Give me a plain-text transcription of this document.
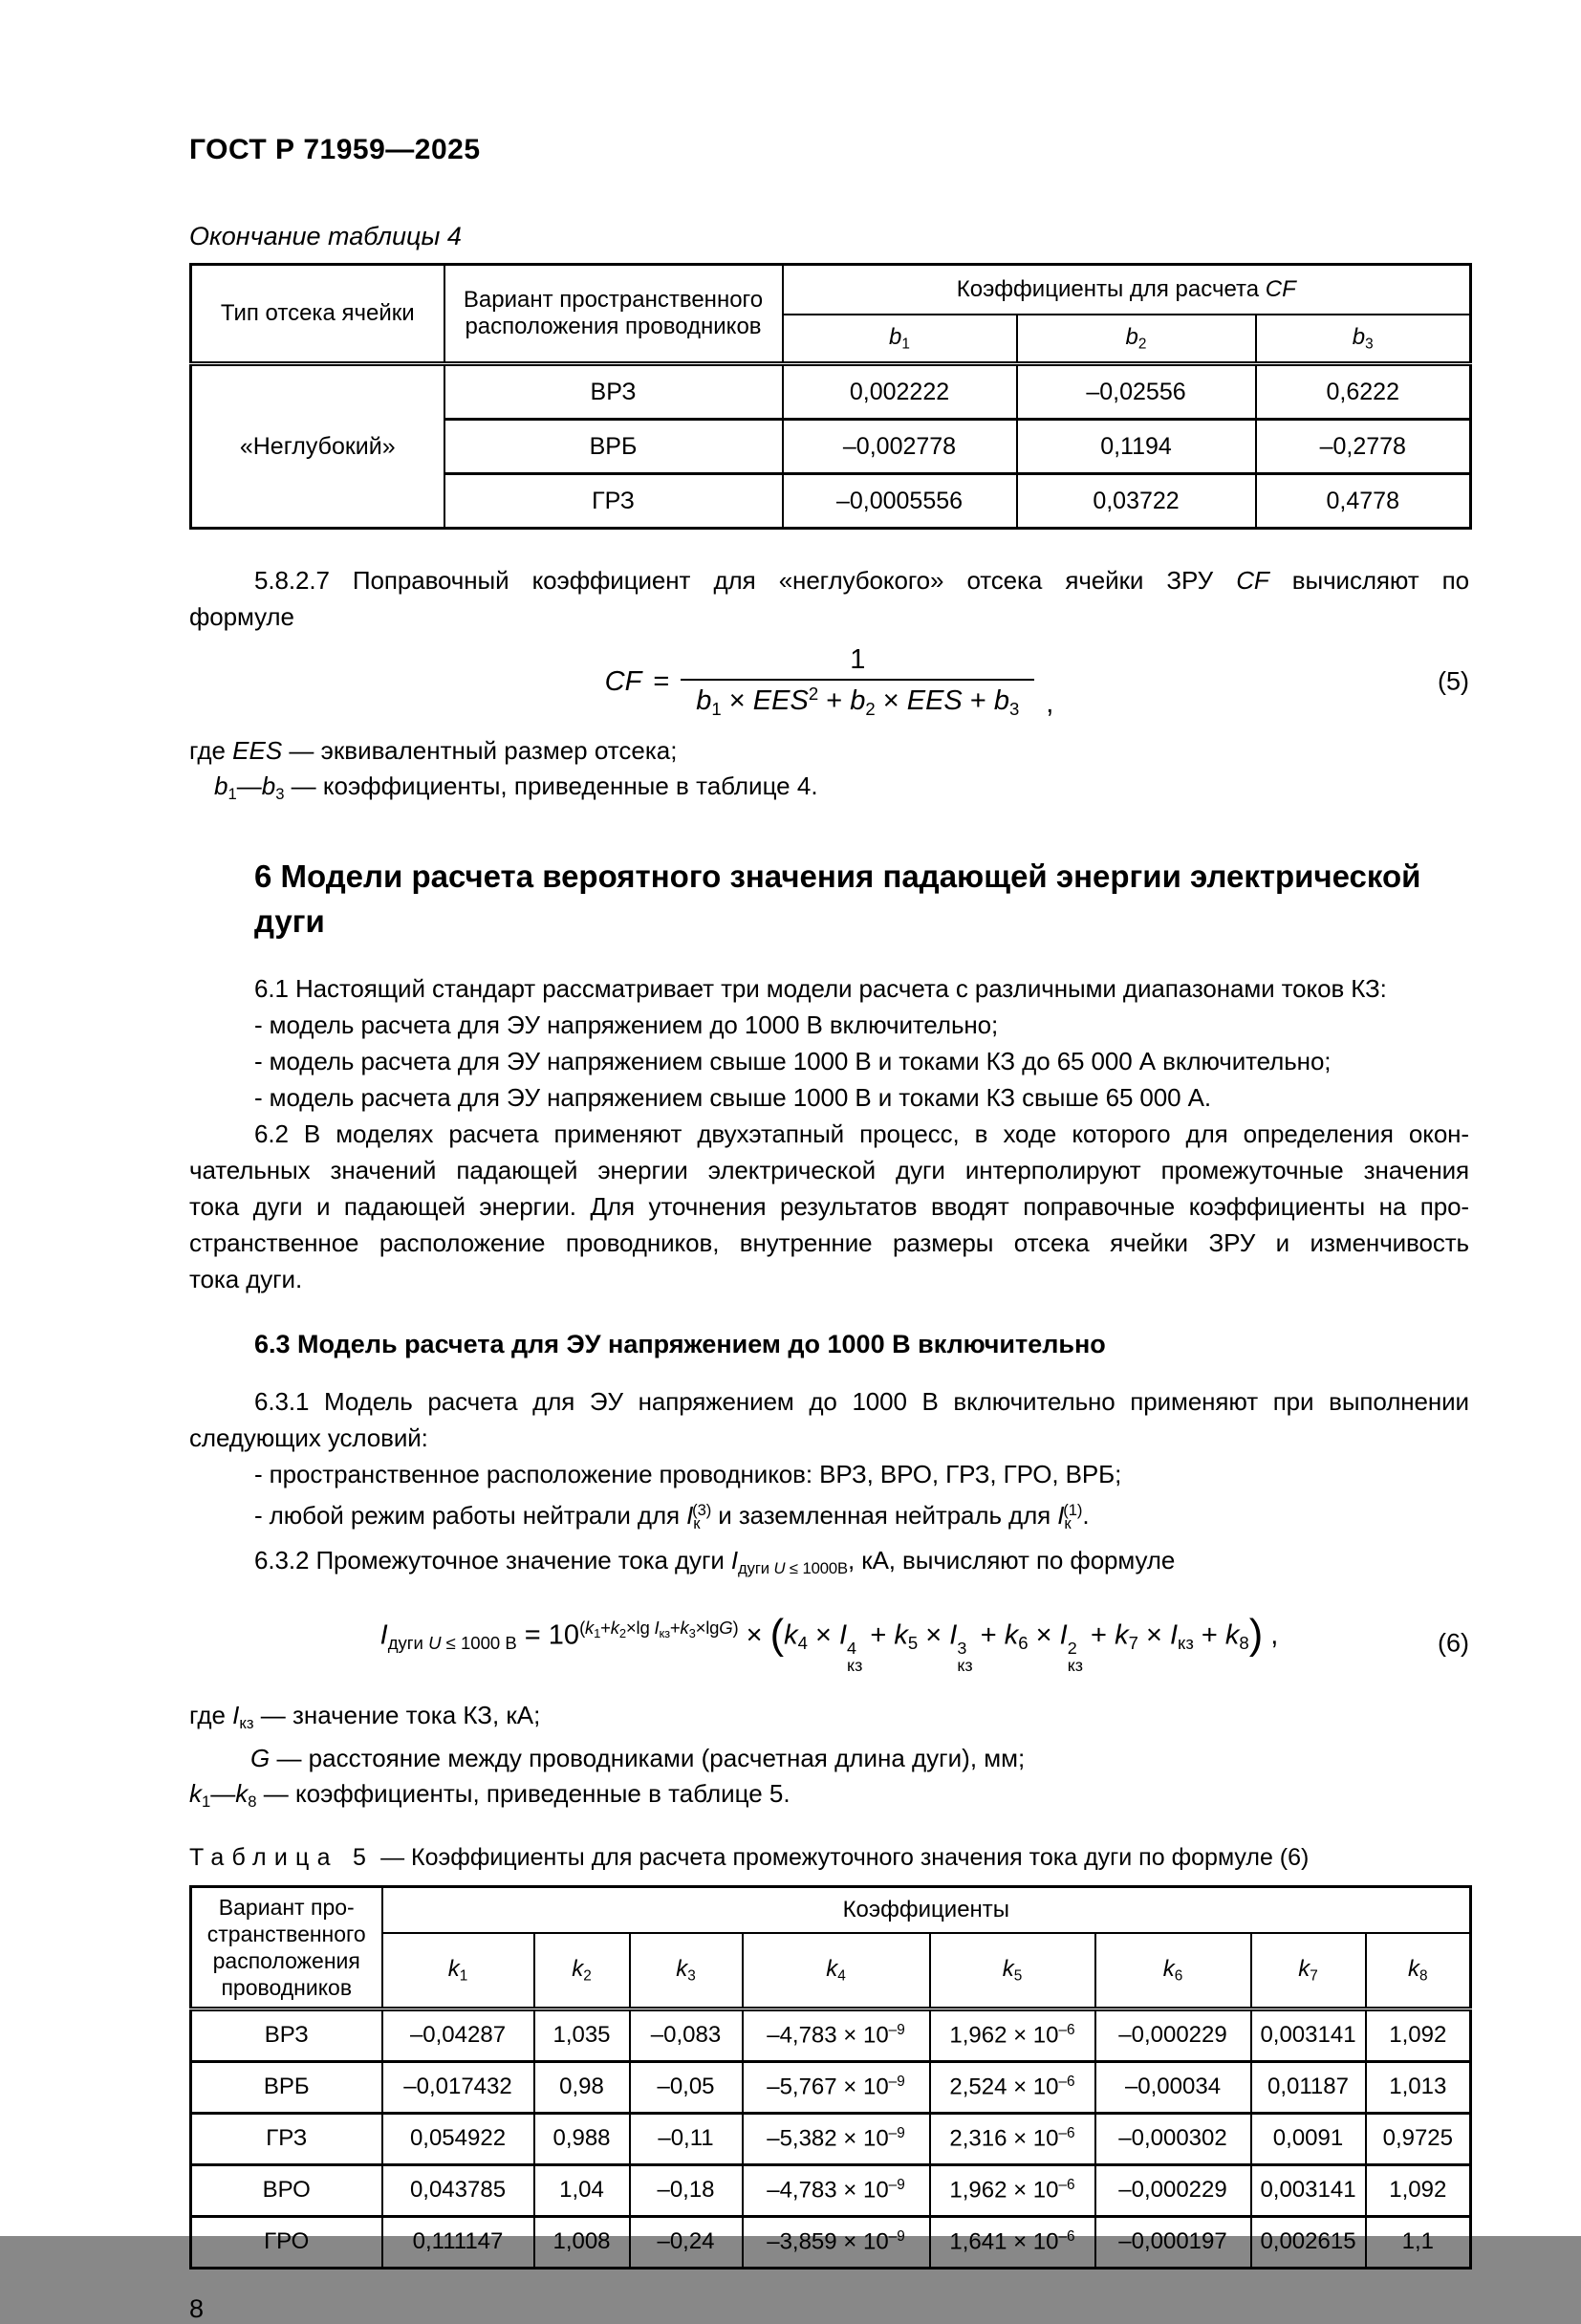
ГОСТ Р 71959—2025
Окончание таблицы 4
Тип отсека ячейки	Вариант пространственного расположения проводников	Коэффициенты для расчета CF		
		$b_1$	$b_2$	$b_3$
«Неглубокий»	ВРЗ	0,002222	–0,02556	0,6222
	ВРБ	–0,002778	0,1194	–0,2778
	ГРЗ	–0,0005556	0,03722	0,4778
5.8.2.7 Поправочный коэффициент для «неглубокого» отсека ячейки ЗРУ CF вычисляют по
формуле
CF = $\frac{1}{b_1 \times EES^2 + b_2 \times EES + b_3}$ ,
(5)
где EES — эквивалентный размер отсека;
$b_1—b_3$ — коэффициенты, приведенные в таблице 4.
6 Модели расчета вероятного значения падающей энергии электрической
дуги
6.1 Настоящий стандарт рассматривает три модели расчета с различными диапазонами токов КЗ:
- модель расчета для ЭУ напряжением до 1000 В включительно;
- модель расчета для ЭУ напряжением свыше 1000 В и токами КЗ до 65 000 А включительно;
- модель расчета для ЭУ напряжением свыше 1000 В и токами КЗ свыше 65 000 А.
6.2 В моделях расчета применяют двухэтапный процесс, в ходе которого для определения окон-
чательных значений падающей энергии электрической дуги интерполируют промежуточные значения
тока дуги и падающей энергии. Для уточнения результатов вводят поправочные коэффициенты на про-
странственное расположение проводников, внутренние размеры отсека ячейки ЗРУ и изменчивость
тока дуги.
6.3 Модель расчета для ЭУ напряжением до 1000 В включительно
6.3.1 Модель расчета для ЭУ напряжением до 1000 В включительно применяют при выполнении
следующих условий:
- пространственное расположение проводников: ВРЗ, ВРО, ГРЗ, ГРО, ВРБ;
- любой режим работы нейтрали для $I_к^{(3)}$ и заземленная нейтраль для $I_к^{(1)}$.
6.3.2 Промежуточное значение тока дуги $I_{дуги U \le 1000В}$, кА, вычисляют по формуле
$I_{дуги U \le 1000 В} = 10^{(k_1+k_2\times lg I_{кз}+k_3\times lgG)} \times (k_4 \times I$ 4
кз
+ $k_5 \times I$ 3
кз
+ $k_6 \times I$ 2
кз
+ $k_7 \times I_{кз} + k_8$) ,	(6)
где $I_{кз}$ — значение тока КЗ, кА;
G — расстояние между проводниками (расчетная длина дуги), мм;
$k_1—k_8$ — коэффициенты, приведенные в таблице 5.
Таблица 5 — Коэффициенты для расчета промежуточного значения тока дуги по формуле (6)
Вариант про-странственного расположения проводников	Коэффициенты							
	$k_1$	$k_2$	$k_3$	$k_4$	$k_5$	$k_6$	$k_7$	$k_8$
ВРЗ	–0,04287	1,035	–0,083	$-4,783 \times 10^{-9}$	$1,962 \times 10^{-6}$	–0,000229	0,003141	1,092
ВРБ	–0,017432	0,98	–0,05	$-5,767 \times 10^{-9}$	$2,524 \times 10^{-6}$	–0,00034	0,01187	1,013
ГРЗ	0,054922	0,988	–0,11	$-5,382 \times 10^{-9}$	$2,316 \times 10^{-6}$	–0,000302	0,0091	0,9725
ВРО	0,043785	1,04	–0,18	$-4,783 \times 10^{-9}$	$1,962 \times 10^{-6}$	–0,000229	0,003141	1,092
ГРО	0,111147	1,008	–0,24	$-3,859 \times 10^{-9}$	$1,641 \times 10^{-6}$	–0,000197	0,002615	1,1
8
